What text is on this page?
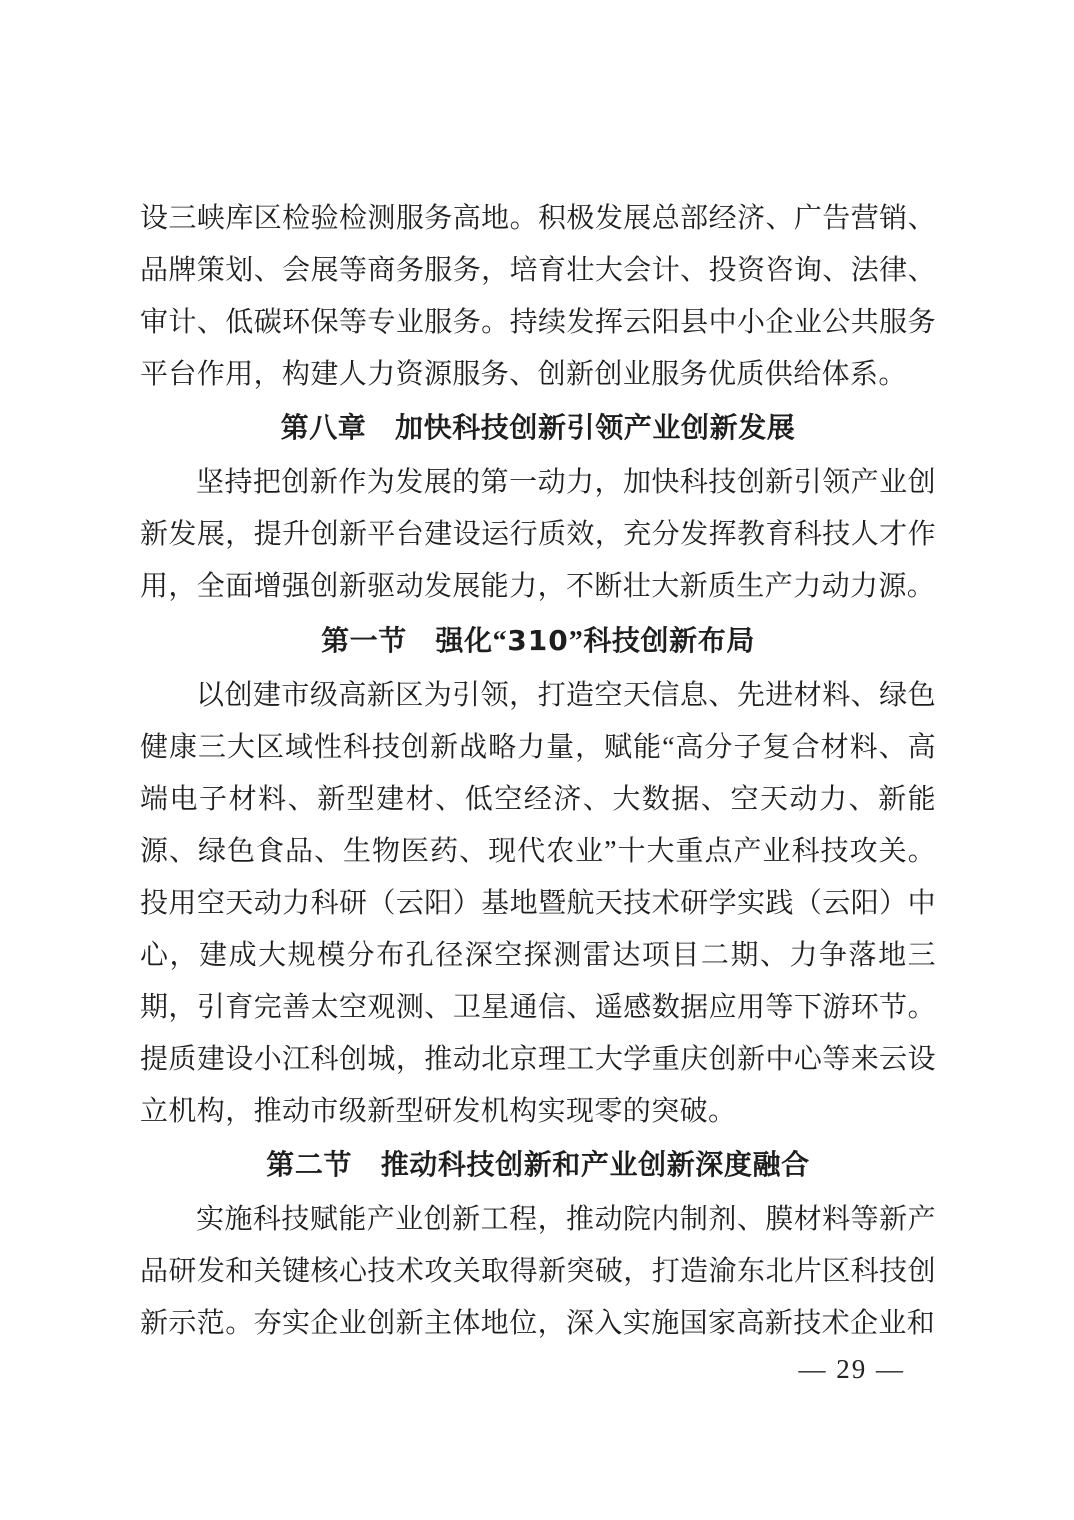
设三峡库区检验检测服务高地。积极发展总部经济、广告营销、品牌策划、会展等商务服务，培育壮大会计、投资咨询、法律、审计、低碳环保等专业服务。持续发挥云阳县中小企业公共服务平台作用，构建人力资源服务、创新创业服务优质供给体系。

第八章　加快科技创新引领产业创新发展

坚持把创新作为发展的第一动力，加快科技创新引领产业创新发展，提升创新平台建设运行质效，充分发挥教育科技人才作用，全面增强创新驱动发展能力，不断壮大新质生产力动力源。

第一节　强化“310”科技创新布局

以创建市级高新区为引领，打造空天信息、先进材料、绿色健康三大区域性科技创新战略力量，赋能“高分子复合材料、高端电子材料、新型建材、低空经济、大数据、空天动力、新能源、绿色食品、生物医药、现代农业”十大重点产业科技攻关。投用空天动力科研（云阳）基地暨航天技术研学实践（云阳）中心，建成大规模分布孔径深空探测雷达项目二期、力争落地三期，引育完善太空观测、卫星通信、遥感数据应用等下游环节。提质建设小江科创城，推动北京理工大学重庆创新中心等来云设立机构，推动市级新型研发机构实现零的突破。

第二节　推动科技创新和产业创新深度融合

实施科技赋能产业创新工程，推动院内制剂、膜材料等新产品研发和关键核心技术攻关取得新突破，打造渝东北片区科技创新示范。夯实企业创新主体地位，深入实施国家高新技术企业和

— 29 —
